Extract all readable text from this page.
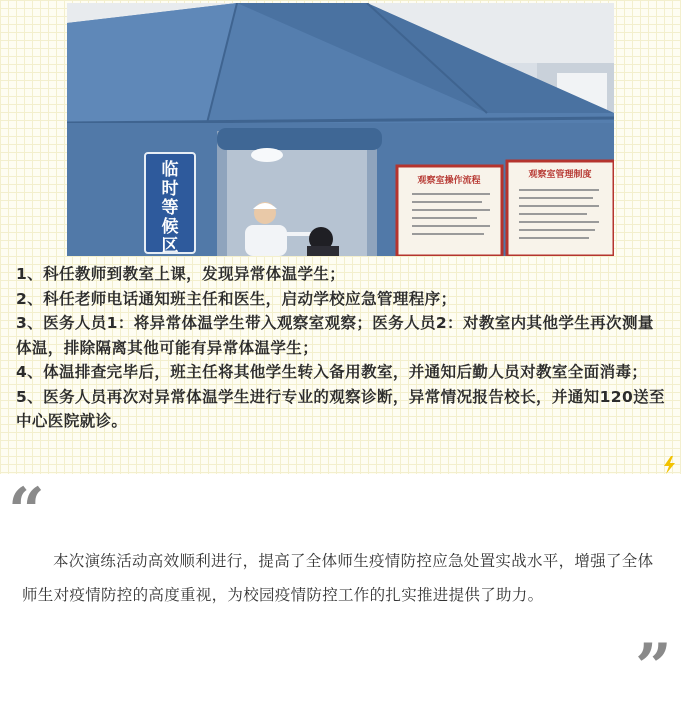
临
时
等
候
区
观察室操作流程
观察室管理制度

1、科任教师到教室上课，发现异常体温学生；

2、科任老师电话通知班主任和医生，启动学校应急管理程序；

3、医务人员1：将异常体温学生带入观察室观察；医务人员2：对教室内其他学生再次测量体温，排除隔离其他可能有异常体温学生；

4、体温排查完毕后，班主任将其他学生转入备用教室，并通知后勤人员对教室全面消毒；

5、医务人员再次对异常体温学生进行专业的观察诊断，异常情况报告校长，并通知120送至中心医院就诊。

“

本次演练活动高效顺利进行，提高了全体师生疫情防控应急处置实战水平，增强了全体师生对疫情防控的高度重视，为校园疫情防控工作的扎实推进提供了助力。

”
